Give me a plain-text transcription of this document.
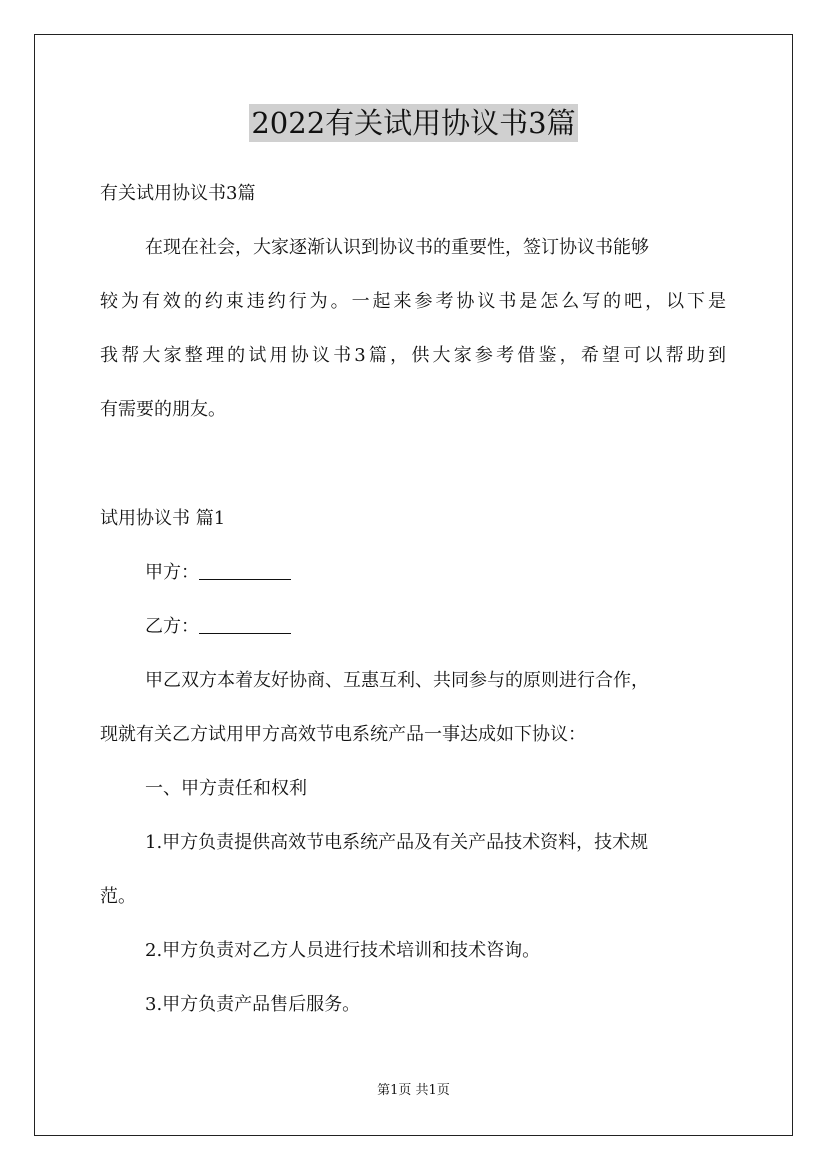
2022有关试用协议书3篇
有关试用协议书3篇
在现在社会，大家逐渐认识到协议书的重要性，签订协议书能够
较为有效的约束违约行为。一起来参考协议书是怎么写的吧，以下是
我帮大家整理的试用协议书3篇，供大家参考借鉴，希望可以帮助到
有需要的朋友。
试用协议书 篇1
甲方：
乙方：
甲乙双方本着友好协商、互惠互利、共同参与的原则进行合作，
现就有关乙方试用甲方高效节电系统产品一事达成如下协议：
一、甲方责任和权利
1.甲方负责提供高效节电系统产品及有关产品技术资料，技术规
范。
2.甲方负责对乙方人员进行技术培训和技术咨询。
3.甲方负责产品售后服务。
第1页 共1页
